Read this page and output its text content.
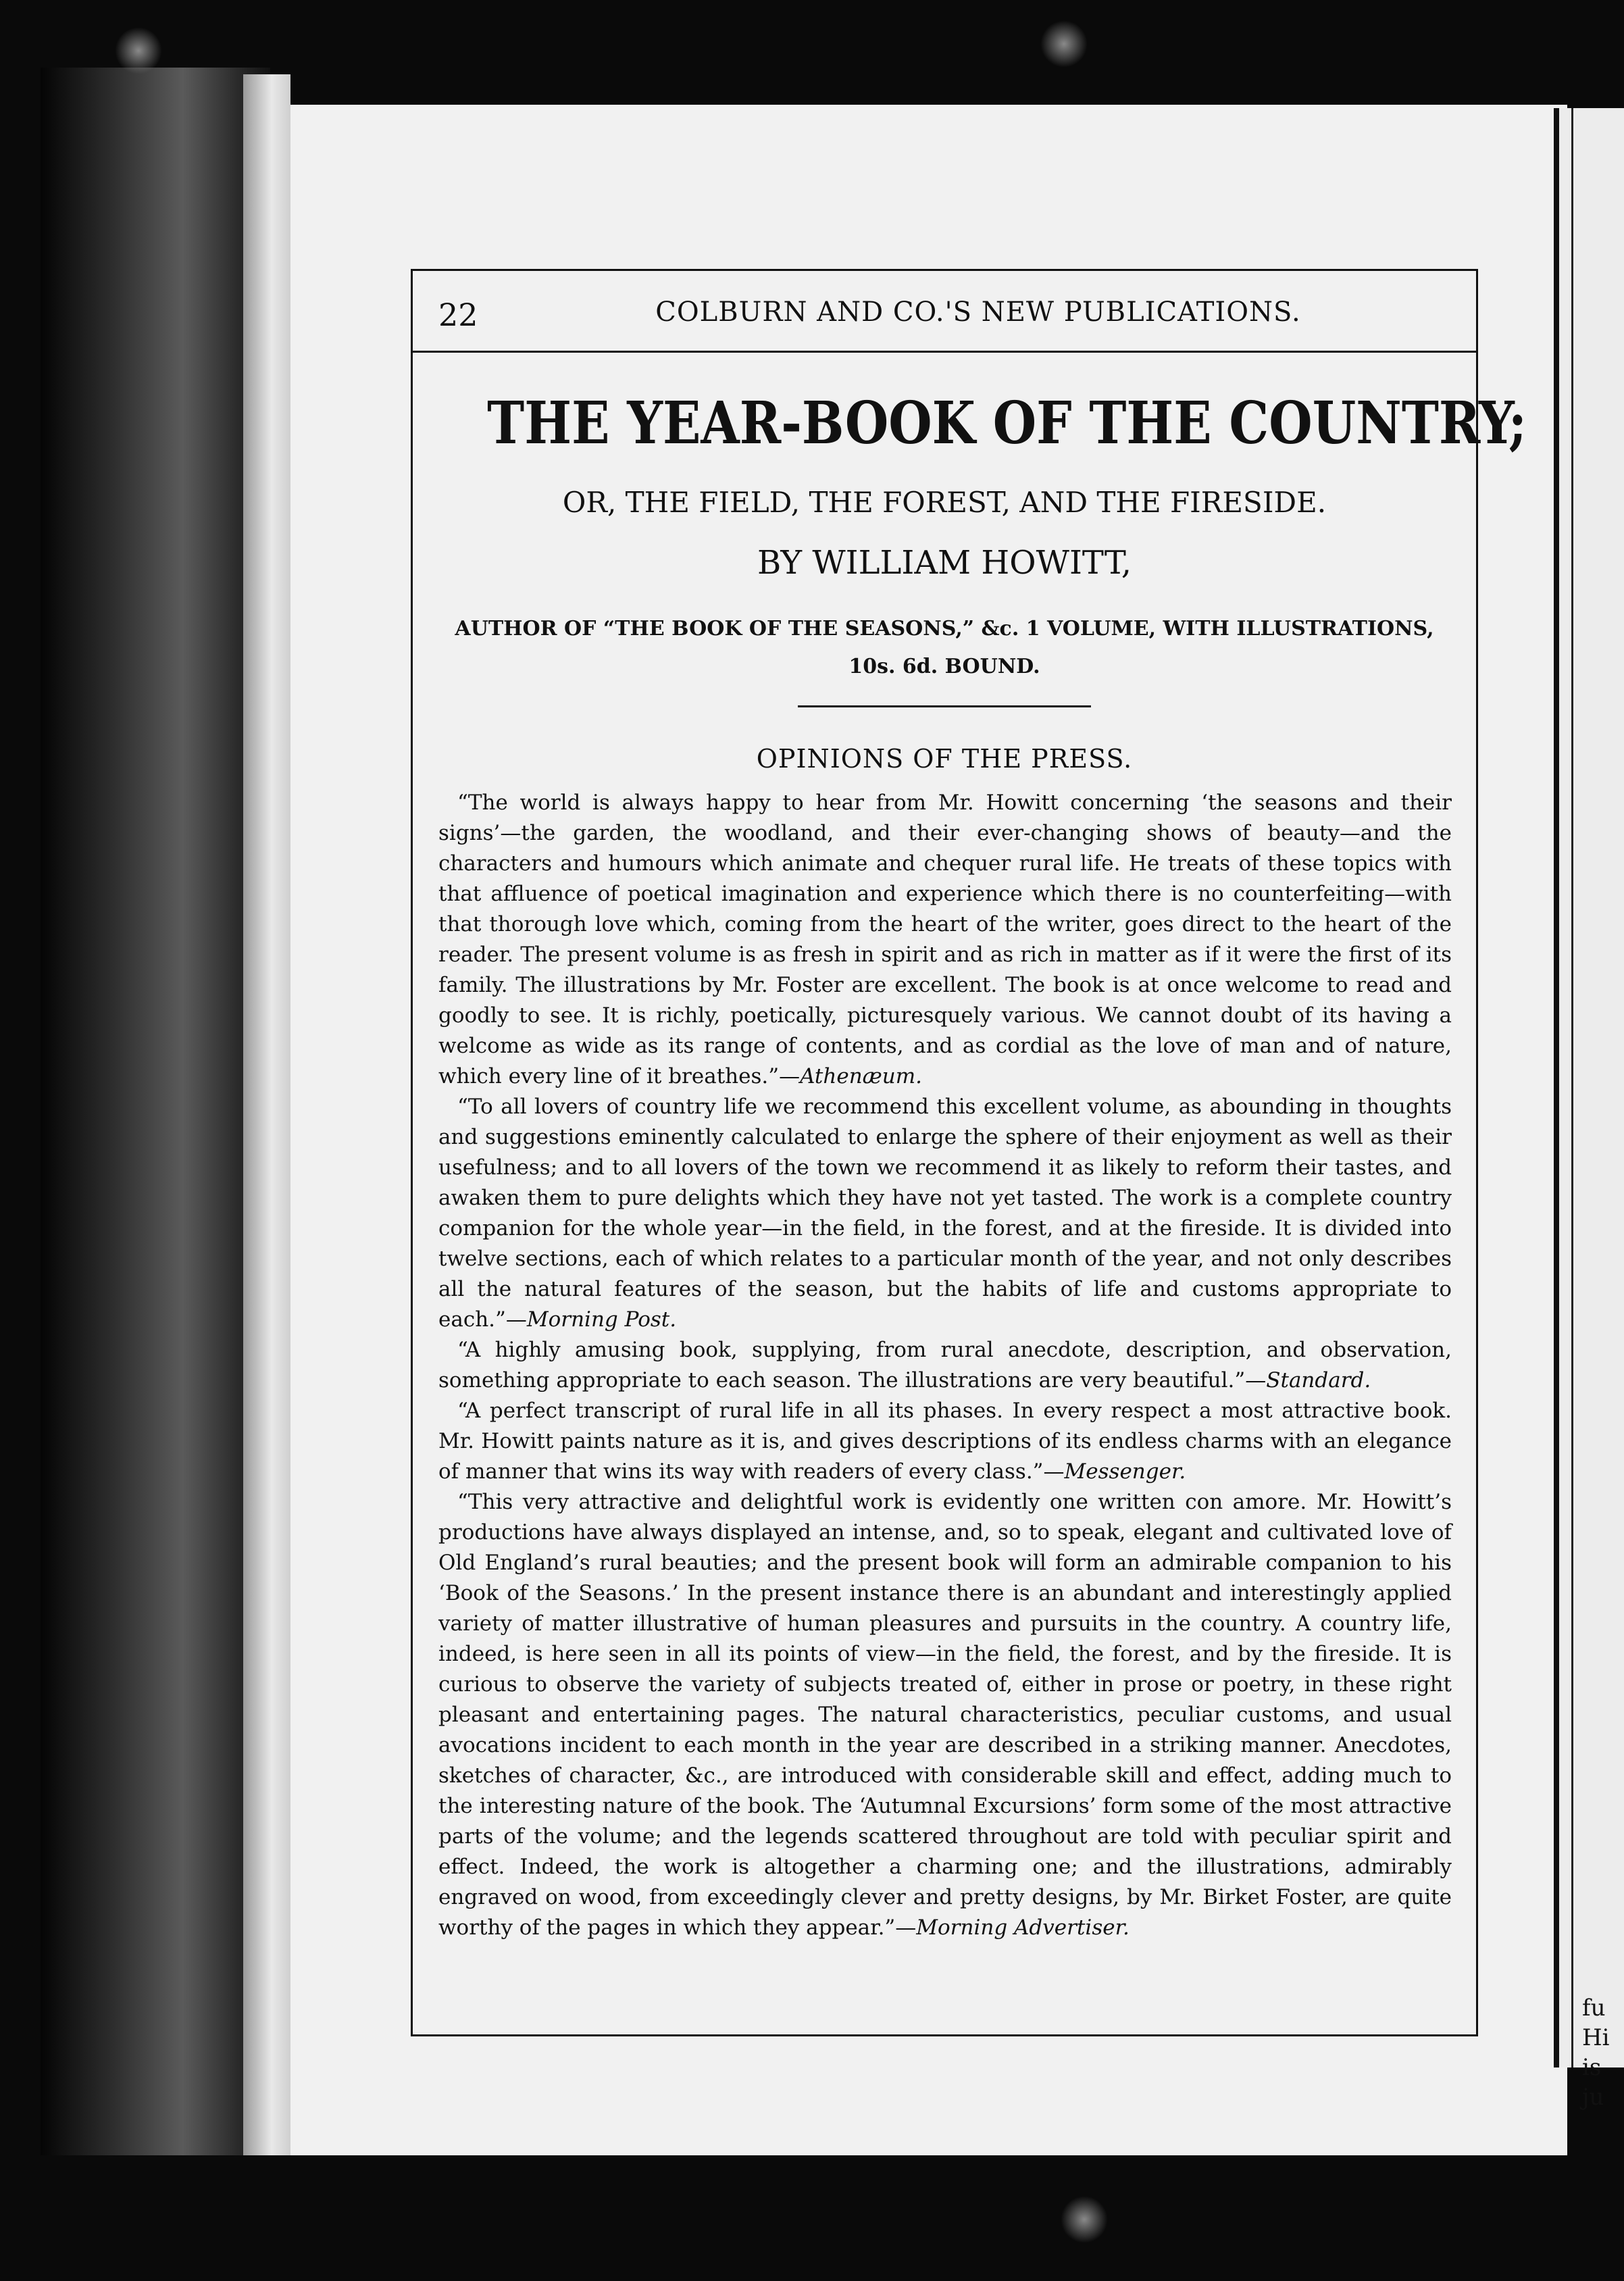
fu
Hi
is
ju
22	COLBURN AND CO.'S NEW PUBLICATIONS.
THE YEAR-BOOK OF THE COUNTRY;
OR, THE FIELD, THE FOREST, AND THE FIRESIDE.
BY WILLIAM HOWITT,
AUTHOR OF “THE BOOK OF THE SEASONS,” &c. 1 VOLUME, WITH ILLUSTRATIONS, 10s. 6d. BOUND.
OPINIONS OF THE PRESS.

“The world is always happy to hear from Mr. Howitt concerning ‘the seasons and their signs’—the garden, the woodland, and their ever-changing shows of beauty—and the characters and humours which animate and chequer rural life. He treats of these topics with that affluence of poetical imagination and experience which there is no counterfeiting—with that thorough love which, coming from the heart of the writer, goes direct to the heart of the reader. The present volume is as fresh in spirit and as rich in matter as if it were the first of its family. The illustrations by Mr. Foster are excellent. The book is at once welcome to read and goodly to see. It is richly, poetically, picturesquely various. We cannot doubt of its having a welcome as wide as its range of contents, and as cordial as the love of man and of nature, which every line of it breathes.”—Athenæum.

“To all lovers of country life we recommend this excellent volume, as abounding in thoughts and suggestions eminently calculated to enlarge the sphere of their enjoyment as well as their usefulness; and to all lovers of the town we recommend it as likely to reform their tastes, and awaken them to pure delights which they have not yet tasted. The work is a complete country companion for the whole year—in the field, in the forest, and at the fireside. It is divided into twelve sections, each of which relates to a particular month of the year, and not only describes all the natural features of the season, but the habits of life and customs appropriate to each.”—Morning Post.

“A highly amusing book, supplying, from rural anecdote, description, and observation, something appropriate to each season. The illustrations are very beautiful.”—Standard.

“A perfect transcript of rural life in all its phases. In every respect a most attractive book. Mr. Howitt paints nature as it is, and gives descriptions of its endless charms with an elegance of manner that wins its way with readers of every class.”—Messenger.

“This very attractive and delightful work is evidently one written con amore. Mr. Howitt’s productions have always displayed an intense, and, so to speak, elegant and cultivated love of Old England’s rural beauties; and the present book will form an admirable companion to his ‘Book of the Seasons.’ In the present instance there is an abundant and interestingly applied variety of matter illustrative of human pleasures and pursuits in the country. A country life, indeed, is here seen in all its points of view—in the field, the forest, and by the fireside. It is curious to observe the variety of subjects treated of, either in prose or poetry, in these right pleasant and entertaining pages. The natural characteristics, peculiar customs, and usual avocations incident to each month in the year are described in a striking manner. Anecdotes, sketches of character, &c., are introduced with considerable skill and effect, adding much to the interesting nature of the book. The ‘Autumnal Excursions’ form some of the most attractive parts of the volume; and the legends scattered throughout are told with peculiar spirit and effect. Indeed, the work is altogether a charming one; and the illustrations, admirably engraved on wood, from exceedingly clever and pretty designs, by Mr. Birket Foster, are quite worthy of the pages in which they appear.”—Morning Advertiser.
